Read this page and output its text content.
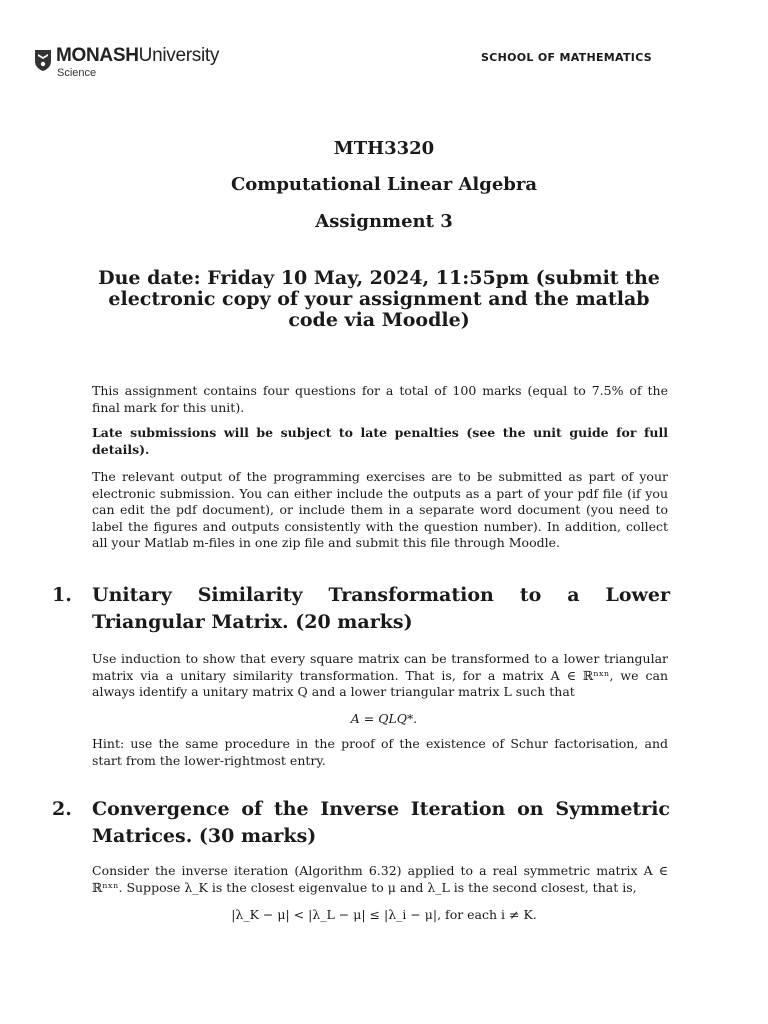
MONASHUniversity
Science
SCHOOL OF MATHEMATICS
MTH3320
Computational Linear Algebra
Assignment 3
Due date: Friday 10 May, 2024, 11:55pm (submit the electronic copy of your assignment and the matlab code via Moodle)
This assignment contains four questions for a total of 100 marks (equal to 7.5% of the final mark for this unit).
Late submissions will be subject to late penalties (see the unit guide for full details).
The relevant output of the programming exercises are to be submitted as part of your electronic submission. You can either include the outputs as a part of your pdf file (if you can edit the pdf document), or include them in a separate word document (you need to label the figures and outputs consistently with the question number). In addition, collect all your Matlab m-files in one zip file and submit this file through Moodle.
1. Unitary Similarity Transformation to a Lower Triangular Matrix. (20 marks)
Use induction to show that every square matrix can be transformed to a lower triangular matrix via a unitary similarity transformation. That is, for a matrix A ∈ ℝⁿˣⁿ, we can always identify a unitary matrix Q and a lower triangular matrix L such that
A = QLQ*.
Hint: use the same procedure in the proof of the existence of Schur factorisation, and start from the lower-rightmost entry.
2. Convergence of the Inverse Iteration on Symmetric Matrices. (30 marks)
Consider the inverse iteration (Algorithm 6.32) applied to a real symmetric matrix A ∈ ℝⁿˣⁿ. Suppose λ_K is the closest eigenvalue to μ and λ_L is the second closest, that is,
|λ_K − μ| < |λ_L − μ| ≤ |λ_i − μ|, for each i ≠ K.
